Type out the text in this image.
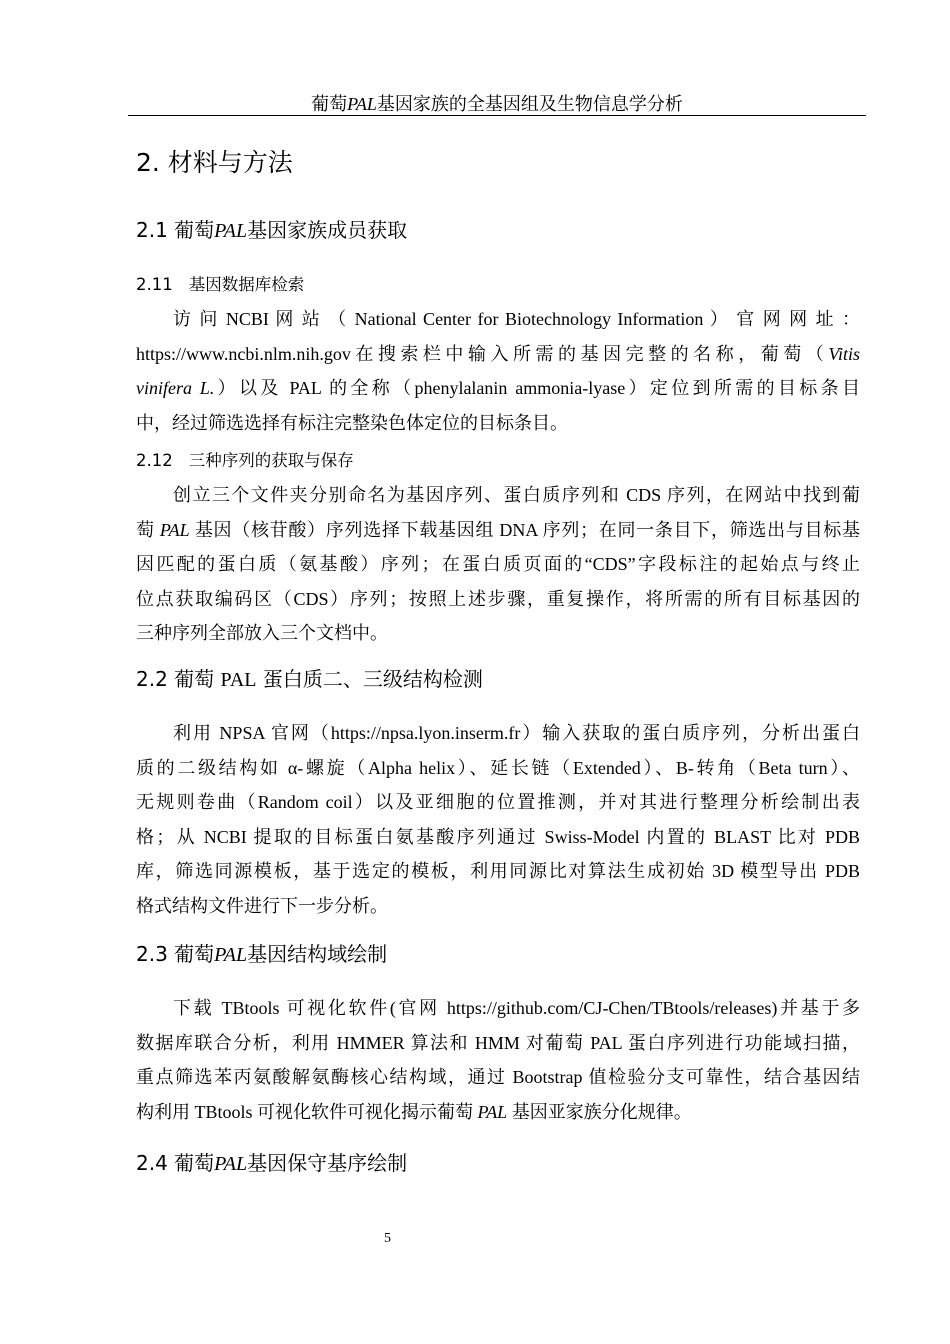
葡萄PAL基因家族的全基因组及生物信息学分析
2. 材料与方法
2.1 葡萄PAL基因家族成员获取
2.11 基因数据库检索
访 问 NCBI 网 站 （ National Center for Biotechnology Information ） 官 网 网 址 ：
https://www.ncbi.nlm.nih.gov 在 搜 索 栏 中 输 入 所 需 的 基 因 完 整 的 名 称 ， 葡 萄 （ Vitis
vinifera L.）以及 PAL 的全称（phenylalanin ammonia-lyase）定位到所需的目标条目
中，经过筛选选择有标注完整染色体定位的目标条目。
2.12 三种序列的获取与保存
创立三个文件夹分别命名为基因序列、蛋白质序列和 CDS 序列，在网站中找到葡
萄 PAL 基因（核苷酸）序列选择下载基因组 DNA 序列；在同一条目下，筛选出与目标基
因匹配的蛋白质（氨基酸）序列；在蛋白质页面的“CDS”字段标注的起始点与终止
位点获取编码区（CDS）序列；按照上述步骤，重复操作，将所需的所有目标基因的
三种序列全部放入三个文档中。
2.2 葡萄 PAL 蛋白质二、三级结构检测
利用 NPSA 官网（https://npsa.lyon.inserm.fr）输入获取的蛋白质序列，分析出蛋白
质的二级结构如 α-螺旋（Alpha helix）、延长链（Extended）、B-转角（Beta turn）、
无规则卷曲（Random coil）以及亚细胞的位置推测，并对其进行整理分析绘制出表
格；从 NCBI 提取的目标蛋白氨基酸序列通过 Swiss-Model 内置的 BLAST 比对 PDB
库，筛选同源模板，基于选定的模板，利用同源比对算法生成初始 3D 模型导出 PDB
格式结构文件进行下一步分析。
2.3 葡萄PAL基因结构域绘制
下载 TBtools 可视化软件(官网 https://github.com/CJ-Chen/TBtools/releases)并基于多
数据库联合分析，利用 HMMER 算法和 HMM 对葡萄 PAL 蛋白序列进行功能域扫描，
重点筛选苯丙氨酸解氨酶核心结构域，通过 Bootstrap 值检验分支可靠性，结合基因结
构利用 TBtools 可视化软件可视化揭示葡萄 PAL 基因亚家族分化规律。
2.4 葡萄PAL基因保守基序绘制
5
